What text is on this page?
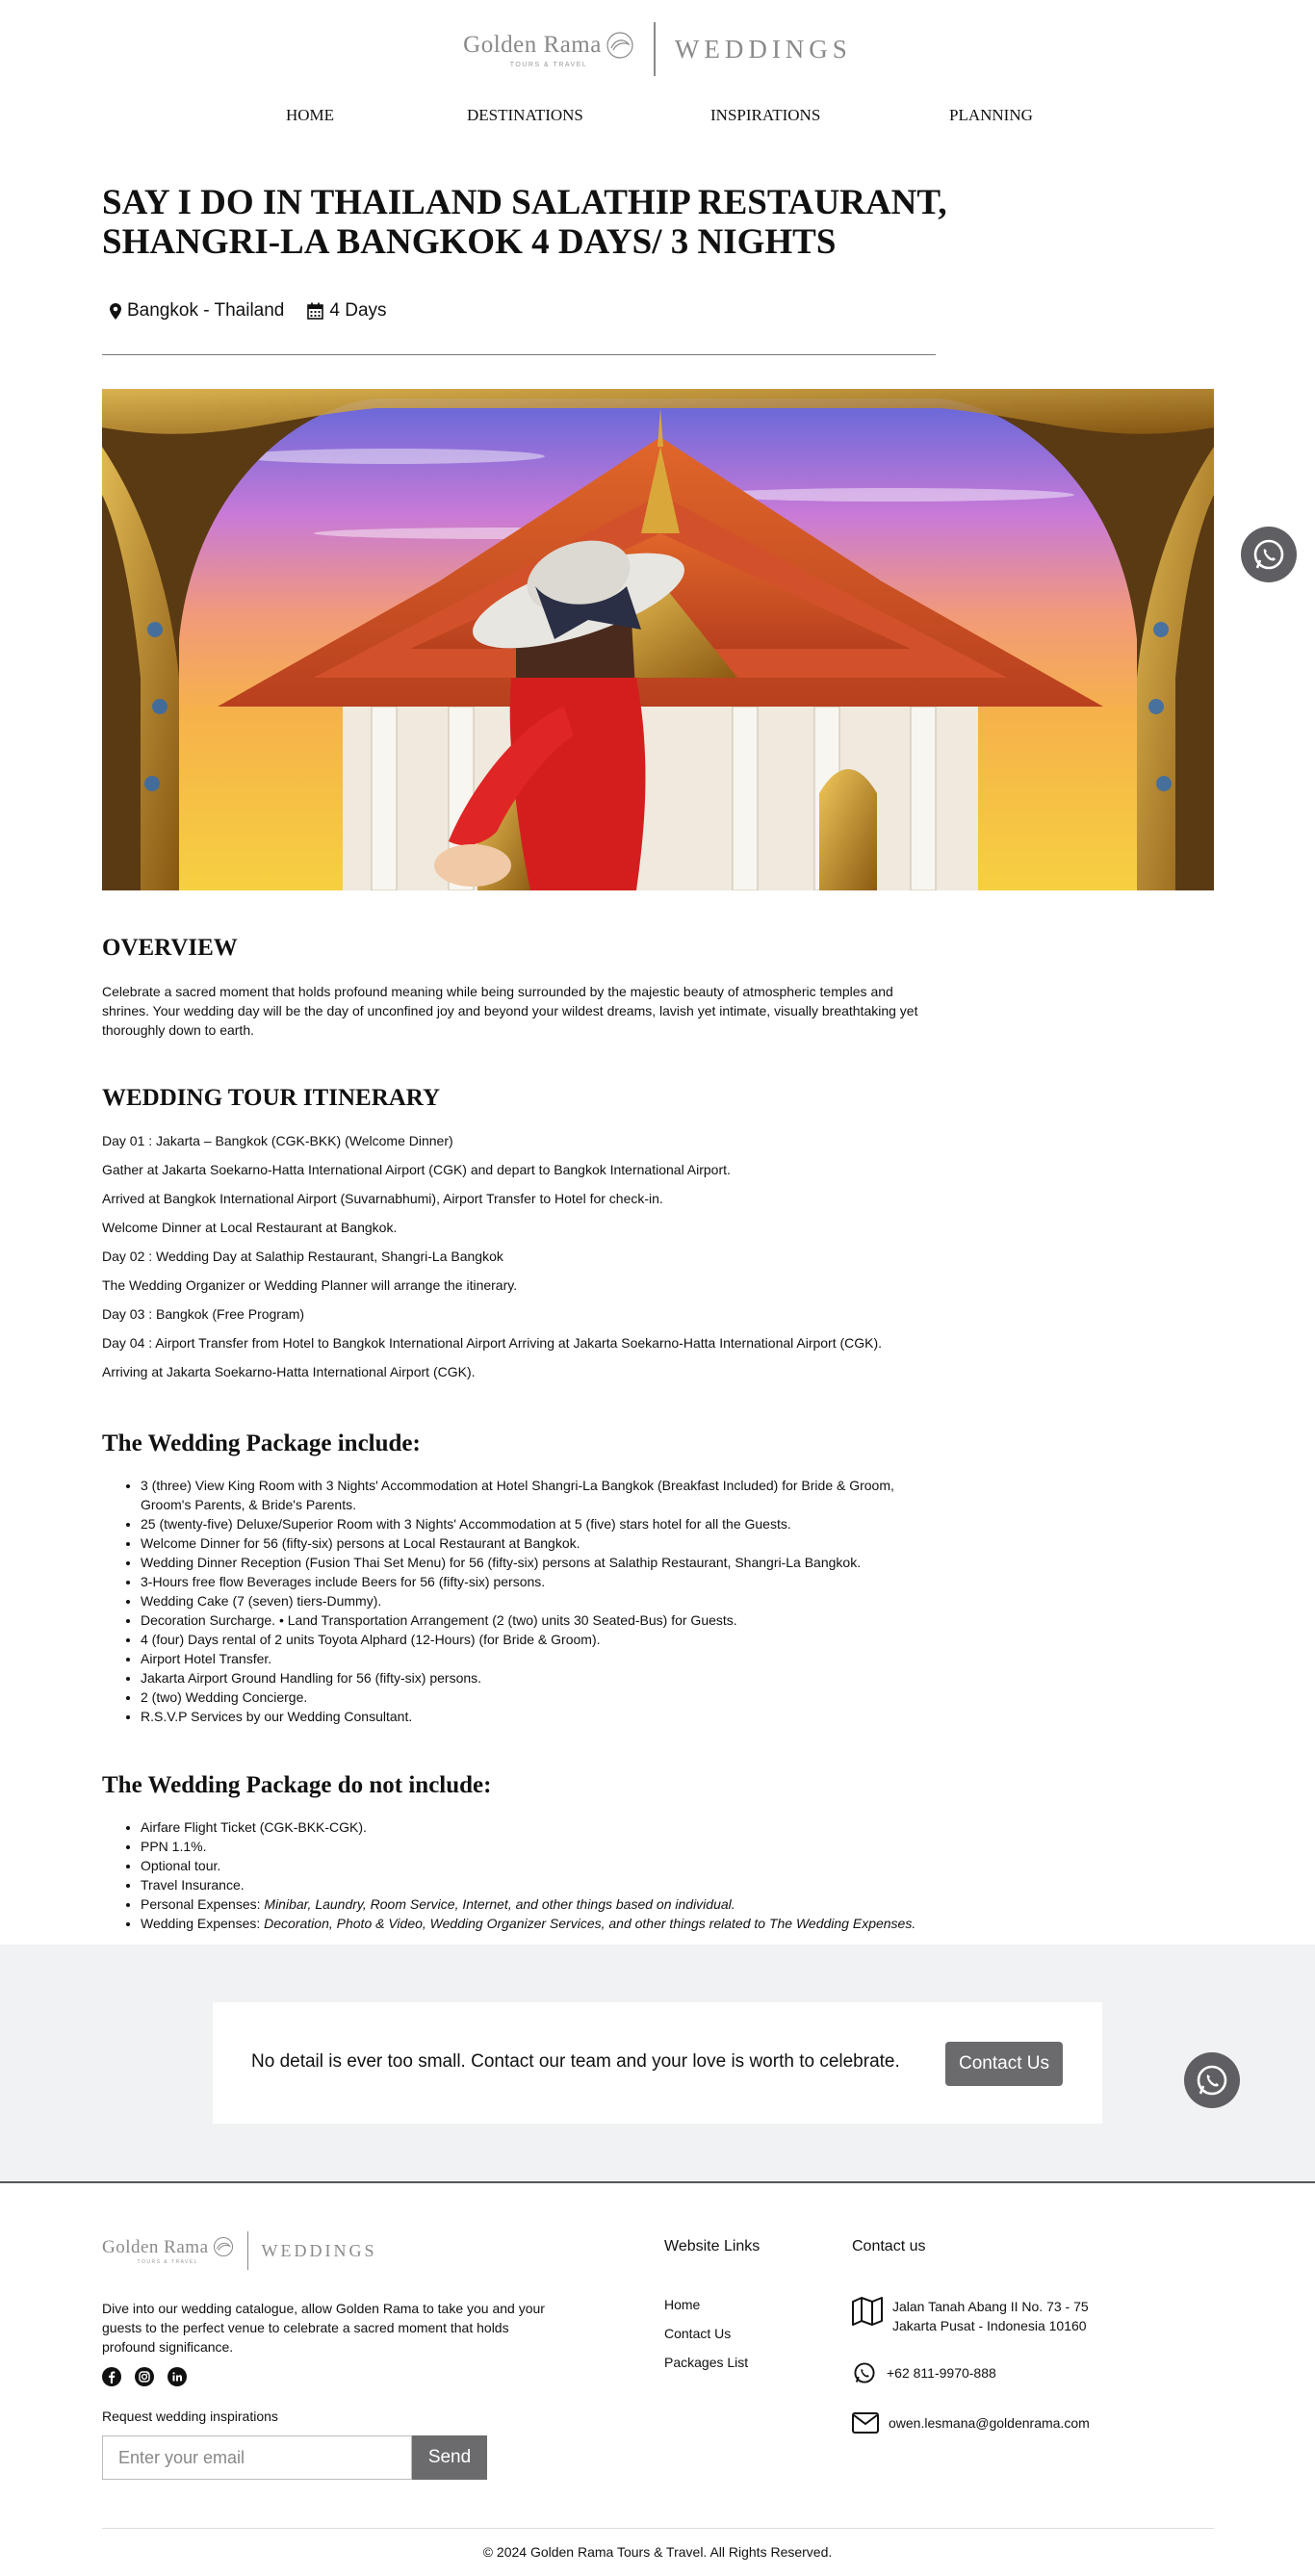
Golden Rama
TOURS & TRAVEL
WEDDINGS
HOME	DESTINATIONS	INSPIRATIONS	PLANNING
SAY I DO IN THAILAND SALATHIP RESTAURANT, SHANGRI-LA BANGKOK 4 DAYS/ 3 NIGHTS
Bangkok - Thailand 4 Days
OVERVIEW

Celebrate a sacred moment that holds profound meaning while being surrounded by the majestic beauty of atmospheric temples and shrines. Your wedding day will be the day of unconfined joy and beyond your wildest dreams, lavish yet intimate, visually breathtaking yet thoroughly down to earth.

WEDDING TOUR ITINERARY
Day 01 : Jakarta – Bangkok (CGK-BKK) (Welcome Dinner)
Gather at Jakarta Soekarno-Hatta International Airport (CGK) and depart to Bangkok International Airport.
Arrived at Bangkok International Airport (Suvarnabhumi), Airport Transfer to Hotel for check-in.
Welcome Dinner at Local Restaurant at Bangkok.
Day 02 : Wedding Day at Salathip Restaurant, Shangri-La Bangkok
The Wedding Organizer or Wedding Planner will arrange the itinerary.
Day 03 : Bangkok (Free Program)
Day 04 : Airport Transfer from Hotel to Bangkok International Airport Arriving at Jakarta Soekarno-Hatta International Airport (CGK).
Arriving at Jakarta Soekarno-Hatta International Airport (CGK).
The Wedding Package include:
• 3 (three) View King Room with 3 Nights' Accommodation at Hotel Shangri-La Bangkok (Breakfast Included) for Bride & Groom, Groom's Parents, & Bride's Parents.
• 25 (twenty-five) Deluxe/Superior Room with 3 Nights' Accommodation at 5 (five) stars hotel for all the Guests.
• Welcome Dinner for 56 (fifty-six) persons at Local Restaurant at Bangkok.
• Wedding Dinner Reception (Fusion Thai Set Menu) for 56 (fifty-six) persons at Salathip Restaurant, Shangri-La Bangkok.
• 3-Hours free flow Beverages include Beers for 56 (fifty-six) persons.
• Wedding Cake (7 (seven) tiers-Dummy).
• Decoration Surcharge. • Land Transportation Arrangement (2 (two) units 30 Seated-Bus) for Guests.
• 4 (four) Days rental of 2 units Toyota Alphard (12-Hours) (for Bride & Groom).
• Airport Hotel Transfer.
• Jakarta Airport Ground Handling for 56 (fifty-six) persons.
• 2 (two) Wedding Concierge.
• R.S.V.P Services by our Wedding Consultant.
The Wedding Package do not include:
• Airfare Flight Ticket (CGK-BKK-CGK).
• PPN 1.1%.
• Optional tour.
• Travel Insurance.
• Personal Expenses: Minibar, Laundry, Room Service, Internet, and other things based on individual.
• Wedding Expenses: Decoration, Photo & Video, Wedding Organizer Services, and other things related to The Wedding Expenses.
No detail is ever too small. Contact our team and your love is worth to celebrate.	Contact Us
Golden Rama
TOURS & TRAVEL
WEDDINGS

Dive into our wedding catalogue, allow Golden Rama to take you and your guests to the perfect venue to celebrate a sacred moment that holds profound significance.

Request wedding inspirations
Enter your email
Send
Website Links
Home
Contact Us
Packages List
Contact us
Jalan Tanah Abang II No. 73 - 75
Jakarta Pusat - Indonesia 10160
+62 811-9970-888
owen.lesmana@goldenrama.com
© 2024 Golden Rama Tours & Travel. All Rights Reserved.
